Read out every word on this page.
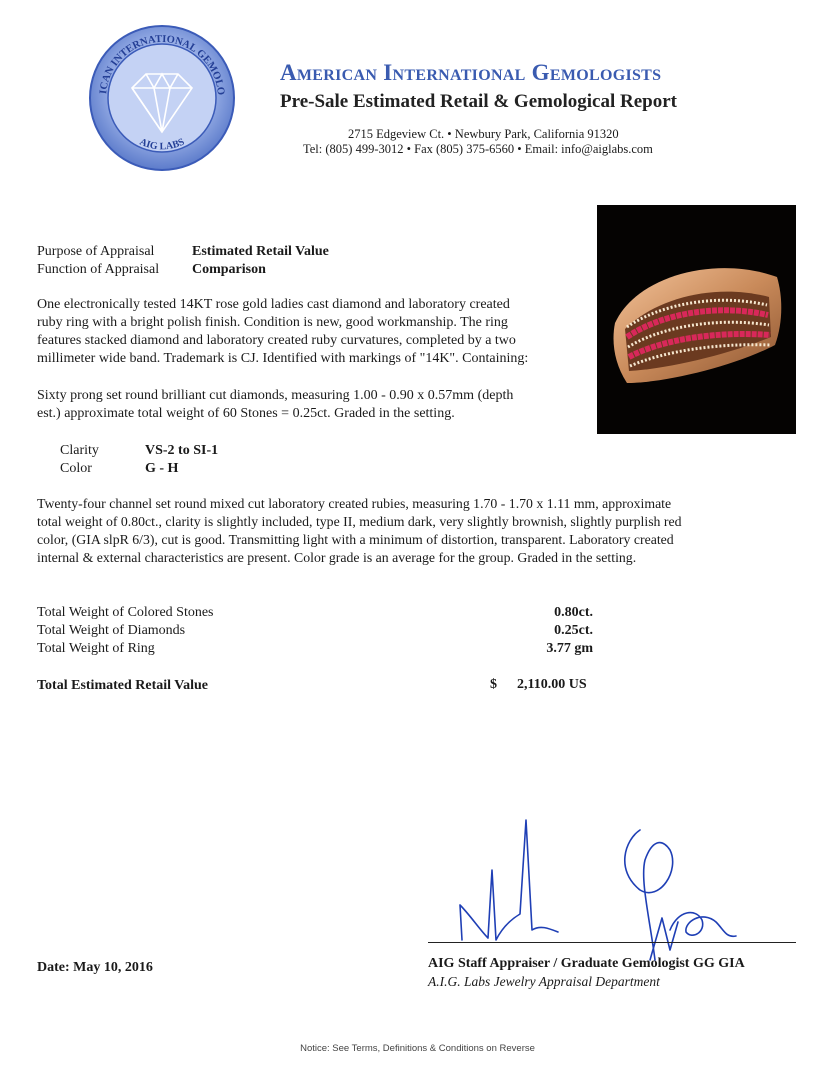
ICAN INTERNATIONAL GEMOLO
AIG LABS
American International Gemologists
Pre-Sale Estimated Retail & Gemological Report
2715 Edgeview Ct. • Newbury Park, California 91320
Tel: (805) 499-3012 • Fax (805) 375-6560 • Email: info@aiglabs.com
Purpose of Appraisal	Estimated Retail Value
Function of Appraisal Comparison
One electronically tested 14KT rose gold ladies cast diamond and laboratory created
ruby ring with a bright polish finish. Condition is new, good workmanship. The ring
features stacked diamond and laboratory created ruby curvatures, completed by a two
millimeter wide band. Trademark is CJ. Identified with markings of "14K". Containing:
Sixty prong set round brilliant cut diamonds, measuring 1.00 - 0.90 x 0.57mm (depth
est.) approximate total weight of 60 Stones = 0.25ct. Graded in the setting.
Clarity	VS-2 to SI-1
Color	G - H
Twenty-four channel set round mixed cut laboratory created rubies, measuring 1.70 - 1.70 x 1.11 mm, approximate
total weight of 0.80ct., clarity is slightly included, type II, medium dark, very slightly brownish, slightly purplish red
color, (GIA slpR 6/3), cut is good. Transmitting light with a minimum of distortion, transparent. Laboratory created
internal & external characteristics are present. Color grade is an average for the group. Graded in the setting.
Total Weight of Colored Stones	0.80ct.
Total Weight of Diamonds	0.25ct.
Total Weight of Ring	3.77 gm
Total Estimated Retail Value	$ 2,110.00 US
Date: May 10, 2016	AIG Staff Appraiser / Graduate Gemologist GG GIA
A.I.G. Labs Jewelry Appraisal Department
Notice: See Terms, Definitions & Conditions on Reverse
